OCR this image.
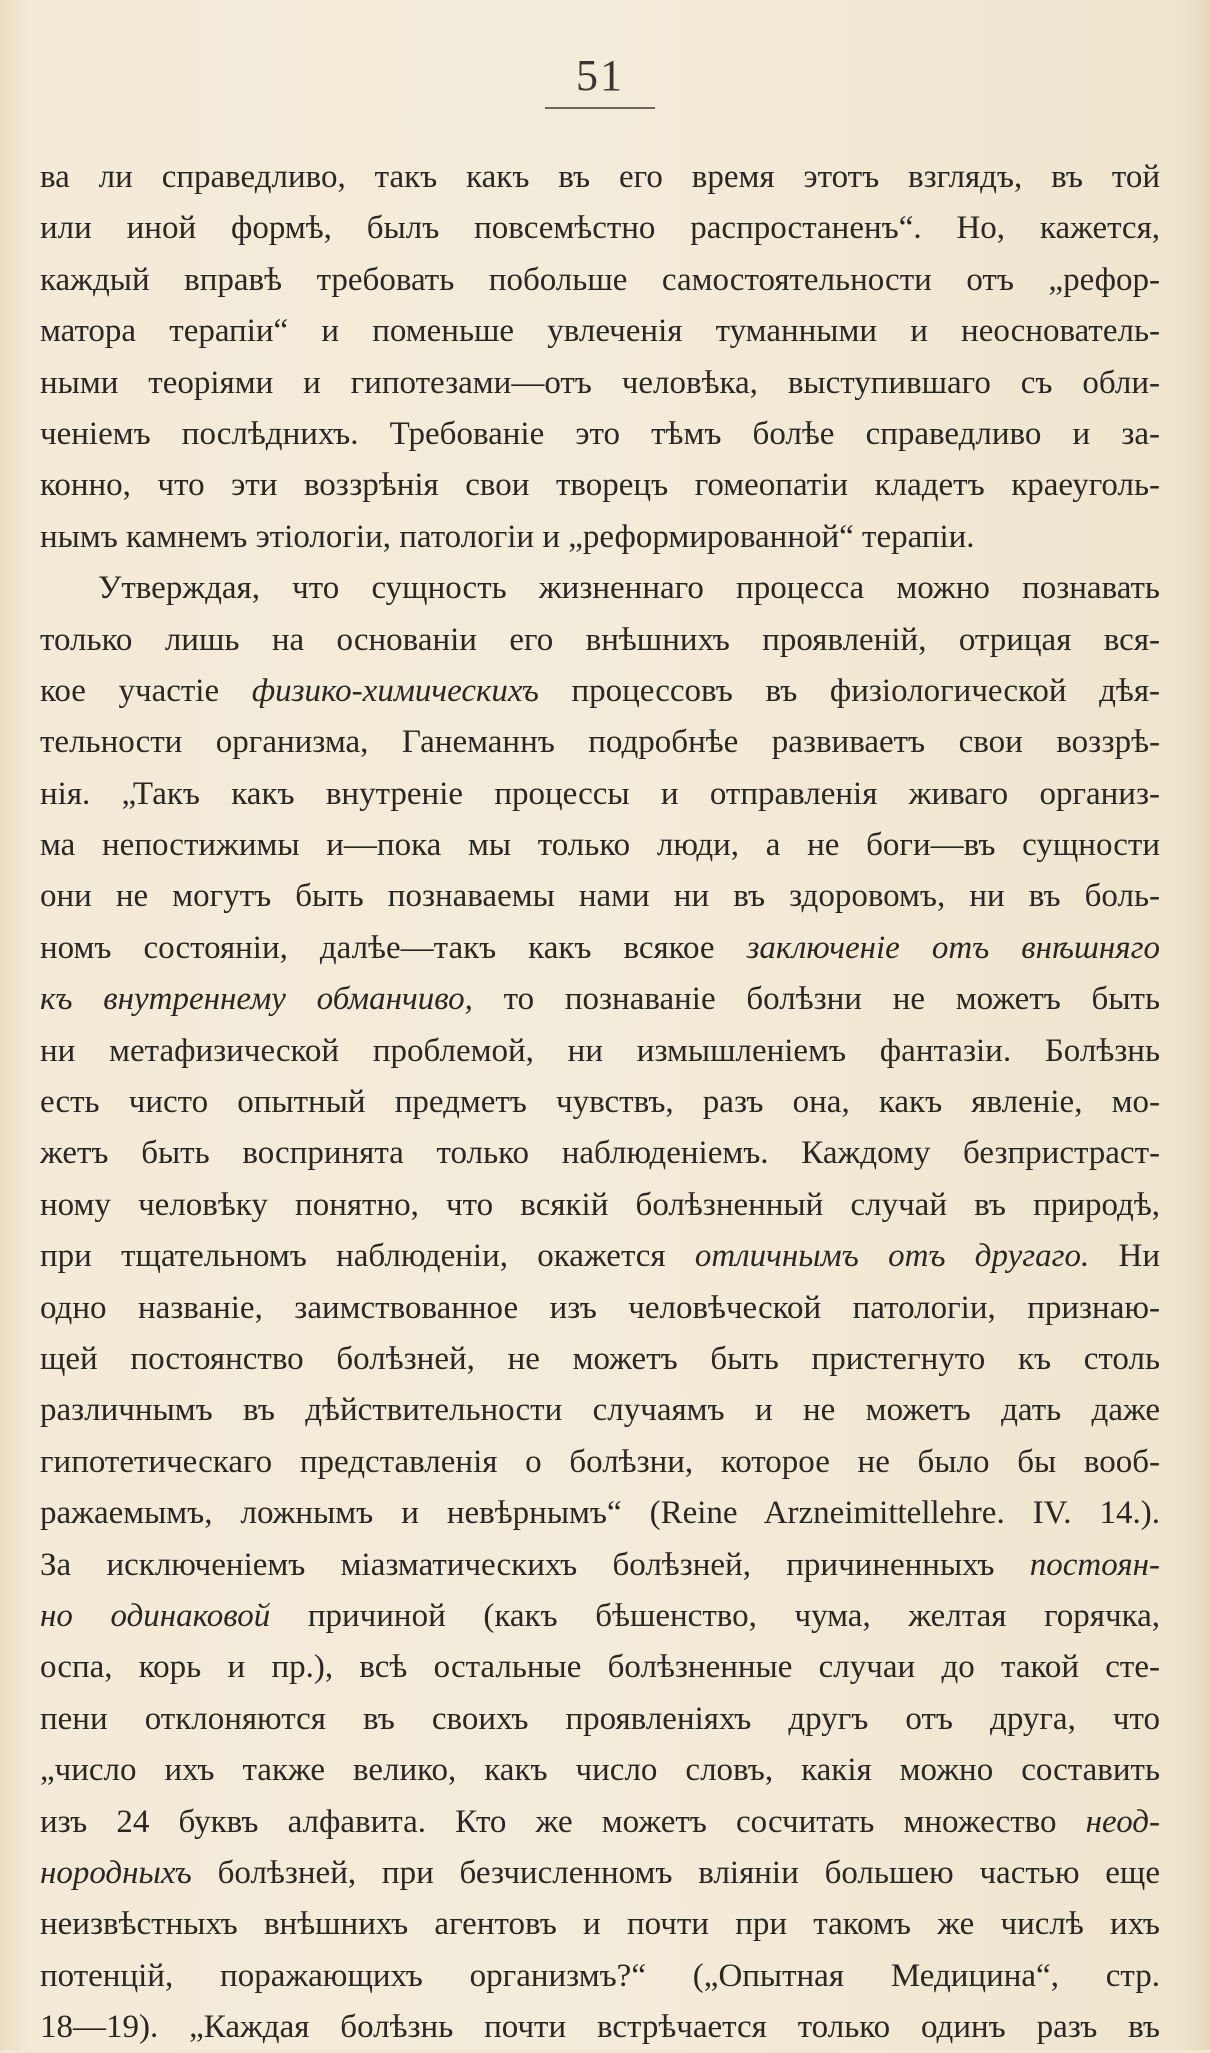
51
ва ли справедливо, такъ какъ въ его время этотъ взглядъ, въ той
или иной формѣ, былъ повсемѣстно распростаненъ“. Но, кажется,
каждый вправѣ требовать побольше самостоятельности отъ „рефор-
матора терапіи“ и поменьше увлеченія туманными и неоснователь-
ными теоріями и гипотезами—отъ человѣка, выступившаго съ обли-
ченіемъ послѣднихъ. Требованіе это тѣмъ болѣе справедливо и за-
конно, что эти воззрѣнія свои творецъ гомеопатіи кладетъ краеуголь-
нымъ камнемъ этіологіи, патологіи и „реформированной“ терапіи.
Утверждая, что сущность жизненнаго процесса можно познавать
только лишь на основаніи его внѣшнихъ проявленій, отрицая вся-
кое участіе физико-химическихъ процессовъ въ физіологической дѣя-
тельности организма, Ганеманнъ подробнѣе развиваетъ свои воззрѣ-
нія. „Такъ какъ внутреніе процессы и отправленія живаго организ-
ма непостижимы и—пока мы только люди, а не боги—въ сущности
они не могутъ быть познаваемы нами ни въ здоровомъ, ни въ боль-
номъ состояніи, далѣе—такъ какъ всякое заключеніе отъ внѣшняго
къ внутреннему обманчиво, то познаваніе болѣзни не можетъ быть
ни метафизической проблемой, ни измышленіемъ фантазіи. Болѣзнь
есть чисто опытный предметъ чувствъ, разъ она, какъ явленіе, мо-
жетъ быть воспринята только наблюденіемъ. Каждому безпристраст-
ному человѣку понятно, что всякій болѣзненный случай въ природѣ,
при тщательномъ наблюденіи, окажется отличнымъ отъ другаго. Ни
одно названіе, заимствованное изъ человѣческой патологіи, признаю-
щей постоянство болѣзней, не можетъ быть пристегнуто къ столь
различнымъ въ дѣйствительности случаямъ и не можетъ дать даже
гипотетическаго представленія о болѣзни, которое не было бы вооб-
ражаемымъ, ложнымъ и невѣрнымъ“ (Reine Arzneimittellehre. IV. 14.).
За исключеніемъ міазматическихъ болѣзней, причиненныхъ постоян-
но одинаковой причиной (какъ бѣшенство, чума, желтая горячка,
оспа, корь и пр.), всѣ остальные болѣзненные случаи до такой сте-
пени отклоняются въ своихъ проявленіяхъ другъ отъ друга, что
„число ихъ также велико, какъ число словъ, какія можно составить
изъ 24 буквъ алфавита. Кто же можетъ сосчитать множество неод-
нородныхъ болѣзней, при безчисленномъ вліяніи большею частью еще
неизвѣстныхъ внѣшнихъ агентовъ и почти при такомъ же числѣ ихъ
потенцій, поражающихъ организмъ?“ („Опытная Медицина“, стр.
18—19). „Каждая болѣзнь почти встрѣчается только одинъ разъ въ
